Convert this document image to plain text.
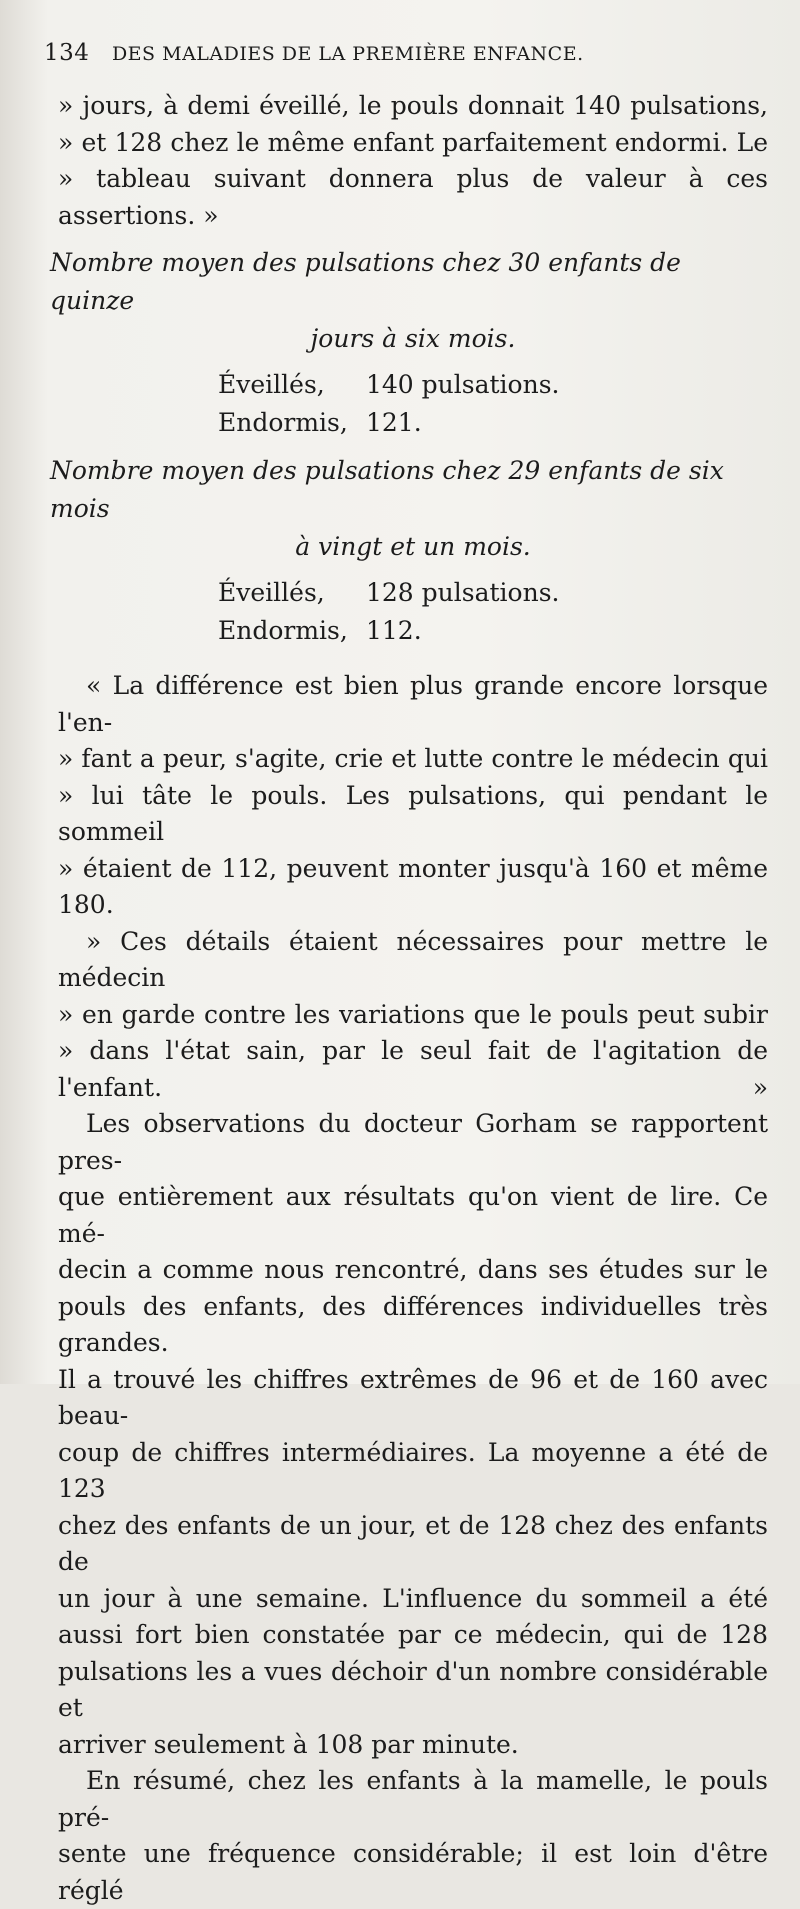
134 DES MALADIES DE LA PREMIÈRE ENFANCE.

» jours, à demi éveillé, le pouls donnait 140 pulsations,

» et 128 chez le même enfant parfaitement endormi. Le

» tableau suivant donnera plus de valeur à ces assertions. »

Nombre moyen des pulsations chez 30 enfants de quinze
jours à six mois.
Éveillés,	140 pulsations.
Endormis, 121.
Nombre moyen des pulsations chez 29 enfants de six mois
à vingt et un mois.
Éveillés,	128 pulsations.
Endormis, 112.

« La différence est bien plus grande encore lorsque l'en-

» fant a peur, s'agite, crie et lutte contre le médecin qui

» lui tâte le pouls. Les pulsations, qui pendant le sommeil

» étaient de 112, peuvent monter jusqu'à 160 et même 180.

» Ces détails étaient nécessaires pour mettre le médecin

» en garde contre les variations que le pouls peut subir

» dans l'état sain, par le seul fait de l'agitation de l'enfant. »

Les observations du docteur Gorham se rapportent pres-

que entièrement aux résultats qu'on vient de lire. Ce mé-

decin a comme nous rencontré, dans ses études sur le

pouls des enfants, des différences individuelles très grandes.

Il a trouvé les chiffres extrêmes de 96 et de 160 avec beau-

coup de chiffres intermédiaires. La moyenne a été de 123

chez des enfants de un jour, et de 128 chez des enfants de

un jour à une semaine. L'influence du sommeil a été

aussi fort bien constatée par ce médecin, qui de 128

pulsations les a vues déchoir d'un nombre considérable et

arriver seulement à 108 par minute.

En résumé, chez les enfants à la mamelle, le pouls pré-

sente une fréquence considérable; il est loin d'être réglé
